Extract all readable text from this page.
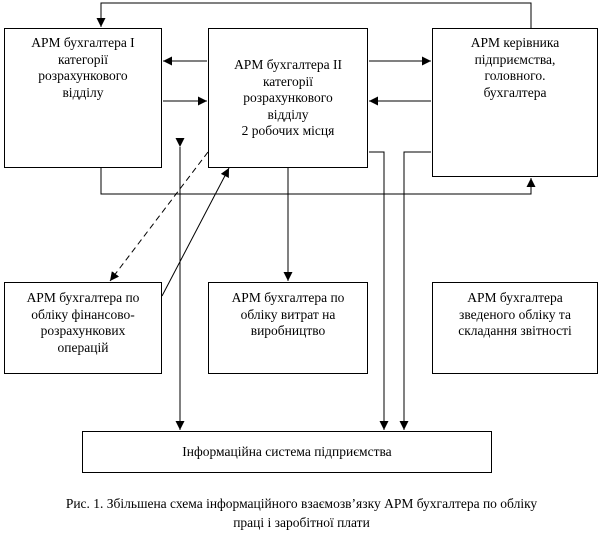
АРМ бухгалтера І
категорії
розрахункового
відділу
АРМ бухгалтера ІІ
категорії
розрахункового
відділу
2 робочих місця
АРМ керівника
підприємства,
головного.
бухгалтера
АРМ бухгалтера по
обліку фінансово-
розрахункових
операцій
АРМ бухгалтера по
обліку витрат на
виробництво
АРМ бухгалтера
зведеного обліку та
складання звітності
Інформаційна система підприємства
Рис. 1. Збільшена схема інформаційного взаємозв’язку АРМ бухгалтера по обліку
праці і заробітної плати
